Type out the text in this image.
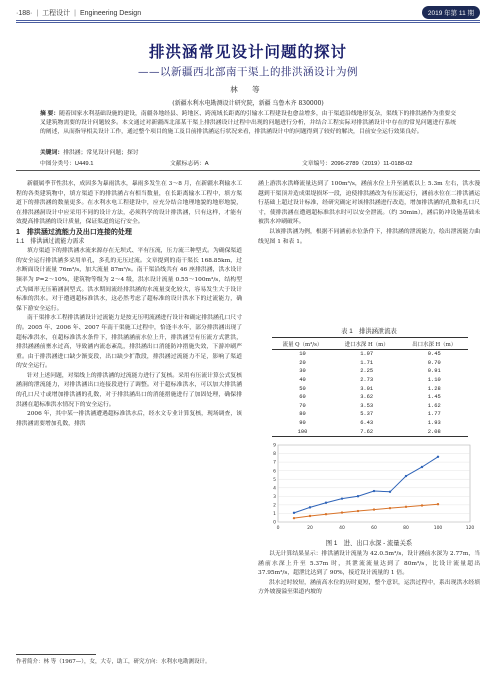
·188· | 工程设计 | Engineering Design	2019 年第 11 期
排洪涵常见设计问题的探讨
——以新疆西北部南干渠上的排洪涵设计为例
林 等
(新疆水利水电勘测设计研究院，新疆 乌鲁木齐 830000)
摘 要：随着国家水利基础设施的建设，南疆各地经县、跨地区、跨流域长距离的引输水工程建设也愈益增多，由于渠道沿线地形复杂，渠线下的排洪涵作为重要交叉建筑物需要的设计问题较多。本文通过对新疆西北部某干渠上排洪涵设计过程中出现的问题进行分析，并结合工程实际对排洪涵设计中存在的常见问题进行系统的阐述，从而指导相关设计工作，通过整个项目的施工及目前排洪涵运行状况来看，排洪涵设计中的问题得到了较好的解决，目前安全运行效果良好。
关键词：排洪涵；常见设计问题；探讨
中图分类号：U449.1	文献标志码：A	文章编号：2096-2789（2019）11-0188-02

新疆属季节性洪水，成因多为暴雨洪水，暴雨多发生在 3～8 月，在新疆水利输水工程的各类建筑物中，填方渠道下的排洪涵占有相当数量，在长距离输水工程中，填方渠道下的排洪涵的数量更多。在水利水电工程建设中，应充分结合地理地貌的地形地貌，在排洪涵洞设计中应采用不同的设计方法，必须科学的设计排洪涵，只有这样，才能有效提高排洪涵的设计质量，保证渠道的运行安全。

1　排洪涵过流能力及出口连接的处理

1.1　排洪涵过流能力需求

填方渠道下的排洪涵水流来源存在无坝式、平有压流，压力流三种型式。为确保渠道的安全运行排洪涵多采用单孔，多孔的无压过流。文章提到的南干渠长 168.85km，过水断面设计流量 76m³/s，加大流量 87m³/s。南干渠沿线共有 46 座排洪涵，洪水设计频率为 P=2～10%，建筑物等级为 2～4 级，洪水设计流量 0.55～100m³/s，结构型式为圆形无压箱涵洞型式。洪水期间流经排洪涵的水流量变化较大，容易发生大于设计标准的洪水。对于遭遇超标准洪水，这必然考虑了超标准的设计洪水下的过流能力，确保下游安全运行。

南干渠排水工程排洪涵设计过流能力是按无压明流涵进行设计和确定排洪涵孔口尺寸的。2005 年、2006 年、2007 年南干渠施工过程中，恰逢丰水年，部分排洪涵出现了超标准洪水，在超标准洪水条件下，排洪涵涵前水位上升，排洪涵呈有压流方式泄洪，排洪涵涵前壅水过高，导致涵内流态紊乱，排洪涵出口消能防冲措施失效，下游冲刷严重。由于排洪涵进口缺少渐变段，出口缺少扩散段，排洪涵过流能力不足，影响了渠道的安全运行。

针对上述问题，对渠线上的排洪涵的过流能力进行了复核。采用有压流计算公式复核涵洞的泄流能力，对排洪涵出口连接段进行了调整。对于超标准洪水，可以加大排洪涵的孔口尺寸或增加排洪涵的孔数，对于排洪涵出口的消能措施进行了加固处理，确保排洪涵在超标准洪水情况下的安全运行。

2006 年，其中某一排洪涵遭遇超标准洪水后，经水文专业计算复核，现场调查，该排洪涵需要增加孔数，排洪

作者简介：林 等（1967—），女，大专，助工，研究方向：水利水电勘测设计。

涵上游洪水洪峰流量达到了 100m³/s，涵前水位上升至涵底以上 5.3m 左右，洪水漫越到干渠顶并造成渠堤损坏一段，迫使排洪涵改为有压流运行，涵前水位在二排洪涵运行基础上超过设计标准，经研究确定对该排洪涵进行改造，增加排洪涵的孔数和孔口尺寸，使排洪涵在遭遇超标准洪水时可以安全泄流。（约 30min），涵后防冲设施基础未被洪水冲刷破坏。

以该排洪涵为例，根据不同涵前水位条件下，排洪涵的泄流能力，绘出泄流能力曲线见图 1 和表 1。

表 1　排洪涵泄流表
流量 Q（m³/s）	进口水深 H（m）	出口水深 H（m）
10	1.07	0.45
20	1.71	0.70
30	2.25	0.91
40	2.73	1.10
50	3.01	1.28
60	3.62	1.45
70	3.53	1.62
80	5.37	1.77
90	6.43	1.93
100	7.62	2.08
0
1
2
3
4
5
6
7
8
9
0	20	40	60	80	100	120
图 1　进、出口水深 - 流量关系

以无计算结果显示：排洪涵设计流量为 42.0.5m³/s，设计涵前水深为 2.77m，当涵前水深上升至 5.37m 时，其泄流流量达到了 80m³/s，比设计流量超出 37.95m³/s，超泄比达到了 90%，接近设计流量的 1 倍。

洪水过时较短，涵前高水位的历时更短，整个意识，运洪过程中，系出现洪水经填方外坡漫溢至渠道内坡的
